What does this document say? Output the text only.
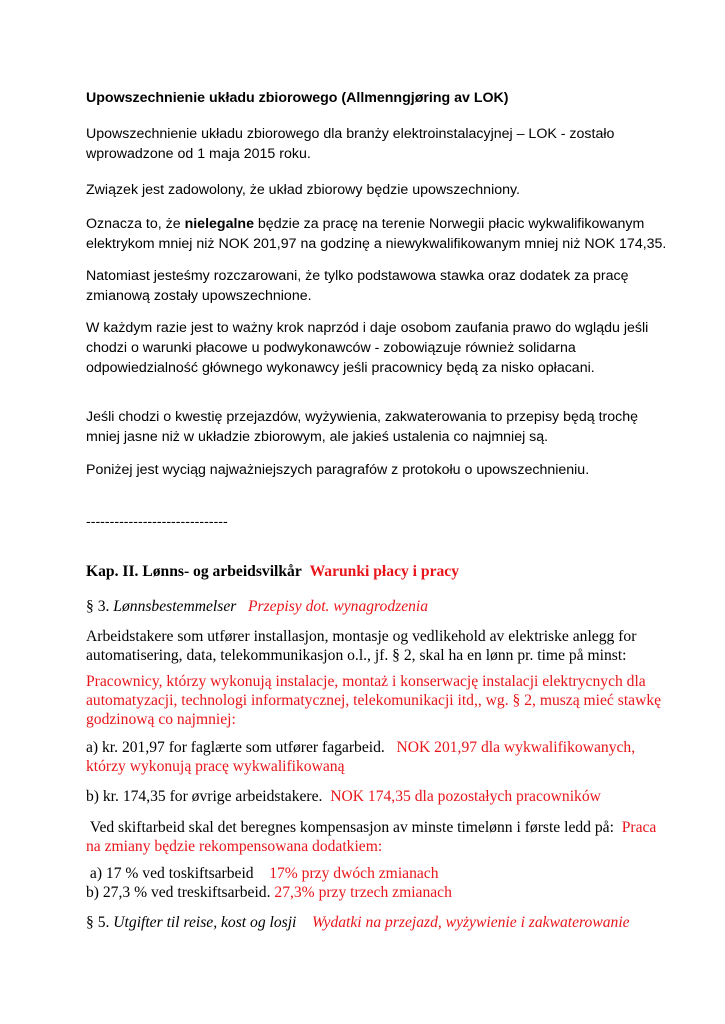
Upowszechnienie układu zbiorowego (Allmenngjøring av LOK)

Upowszechnienie układu zbiorowego dla branży elektroinstalacyjnej – LOK - zostało
wprowadzone od 1 maja 2015 roku.

Związek jest zadowolony, że układ zbiorowy będzie upowszechniony.

Oznacza to, że nielegalne będzie za pracę na terenie Norwegii płacic wykwalifikowanym
elektrykom mniej niż NOK 201,97 na godzinę a niewykwalifikowanym mniej niż NOK 174,35.

Natomiast jesteśmy rozczarowani, że tylko podstawowa stawka oraz dodatek za pracę
zmianową zostały upowszechnione.

W każdym razie jest to ważny krok naprzód i daje osobom zaufania prawo do wglądu jeśli
chodzi o warunki płacowe u podwykonawców - zobowiązuje również solidarna
odpowiedzialność głównego wykonawcy jeśli pracownicy będą za nisko opłacani.

Jeśli chodzi o kwestię przejazdów, wyżywienia, zakwaterowania to przepisy będą trochę
mniej jasne niż w układzie zbiorowym, ale jakieś ustalenia co najmniej są.

Poniżej jest wyciąg najważniejszych paragrafów z protokołu o upowszechnieniu.

------------------------------

Kap. II. Lønns- og arbeidsvilkår Warunki płacy i pracy

§ 3. Lønnsbestemmelser Przepisy dot. wynagrodzenia

Arbeidstakere som utfører installasjon, montasje og vedlikehold av elektriske anlegg for
automatisering, data, telekommunikasjon o.l., jf. § 2, skal ha en lønn pr. time på minst:

Pracownicy, którzy wykonują instalacje, montaż i konserwację instalacji elektrycnych dla
automatyzacji, technologi informatycznej, telekomunikacji itd,, wg. § 2, muszą mieć stawkę
godzinową co najmniej:

a) kr. 201,97 for faglærte som utfører fagarbeid. NOK 201,97 dla wykwalifikowanych,
którzy wykonują pracę wykwalifikowaną

b) kr. 174,35 for øvrige arbeidstakere. NOK 174,35 dla pozostałych pracowników

Ved skiftarbeid skal det beregnes kompensasjon av minste timelønn i første ledd på: Praca
na zmiany będzie rekompensowana dodatkiem:

a) 17 % ved toskiftsarbeid 17% przy dwóch zmianach
b) 27,3 % ved treskiftsarbeid. 27,3% przy trzech zmianach

§ 5. Utgifter til reise, kost og losji Wydatki na przejazd, wyżywienie i zakwaterowanie
